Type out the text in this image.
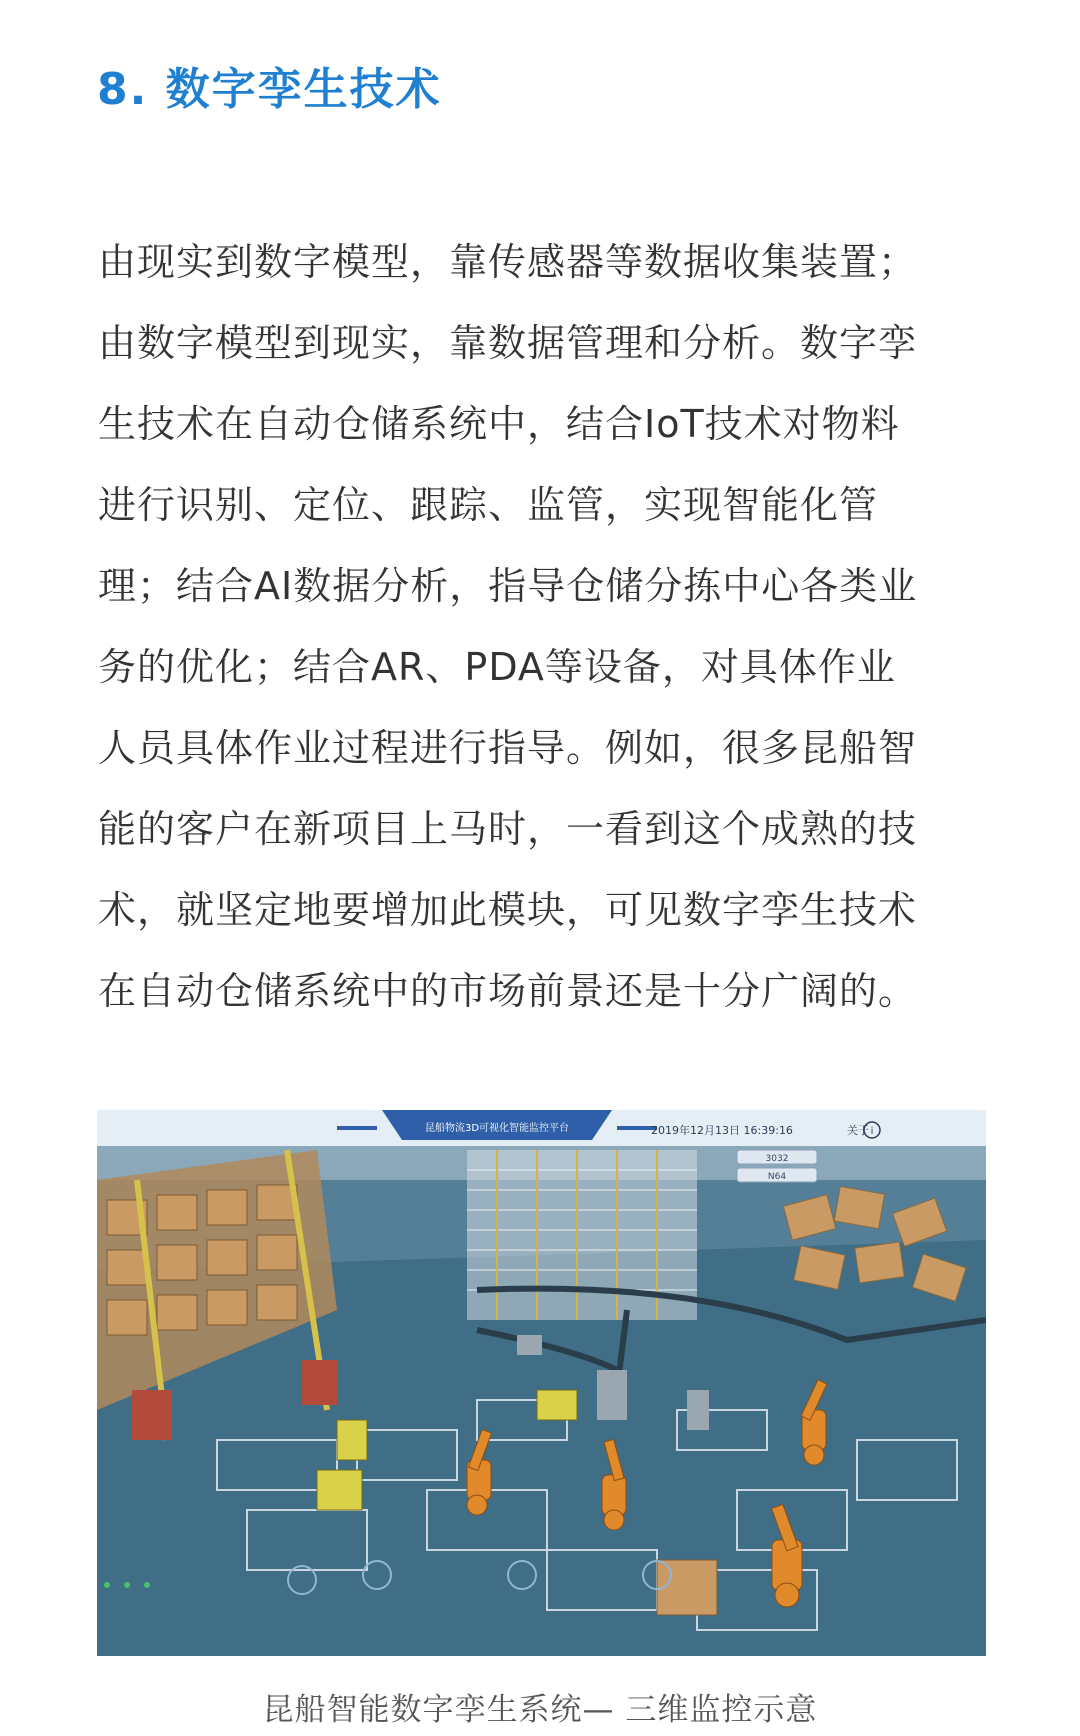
8. 数字孪生技术
由现实到数字模型，靠传感器等数据收集装置；
由数字模型到现实，靠数据管理和分析。数字孪
生技术在自动仓储系统中，结合IoT技术对物料
进行识别、定位、跟踪、监管，实现智能化管
理；结合AI数据分析，指导仓储分拣中心各类业
务的优化；结合AR、PDA等设备，对具体作业
人员具体作业过程进行指导。例如，很多昆船智
能的客户在新项目上马时，一看到这个成熟的技
术，就坚定地要增加此模块，可见数字孪生技术
在自动仓储系统中的市场前景还是十分广阔的。
昆船物流3D可视化智能监控平台	2019年12月13日 16:39:16	关于 i
3032
N64
昆船智能数字孪生系统— 三维监控示意
